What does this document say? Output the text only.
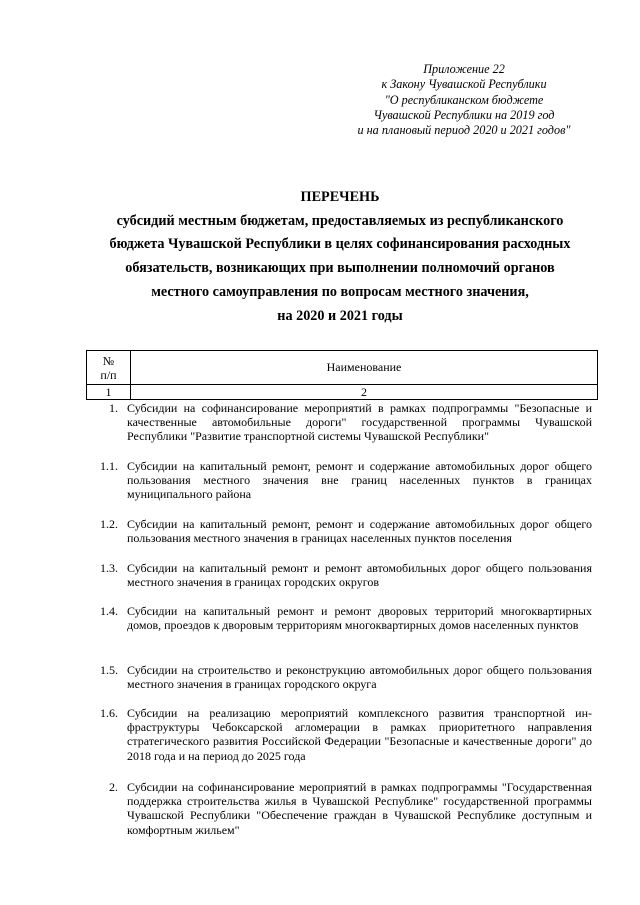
Приложение 22
к Закону Чувашской Республики
"О республиканском бюджете
Чувашской Республики на 2019 год
и на плановый период 2020 и 2021 годов"
ПЕРЕЧЕНЬ
субсидий местным бюджетам, предоставляемых из республиканского
бюджета Чувашской Республики в целях софинансирования расходных
обязательств, возникающих при выполнении полномочий органов
местного самоуправления по вопросам местного значения,
на 2020 и 2021 годы
№
п/п	Наименование
1	2
1. Субсидии на софинансирование мероприятий в рамках подпрограммы "Безопасные и качественные автомобильные дороги" государственной программы Чувашской Республики "Развитие транспортной системы Чувашской Республики"
1.1. Субсидии на капитальный ремонт, ремонт и содержание автомобильных дорог общего пользования местного значения вне границ населенных пунктов в границах муниципального района
1.2. Субсидии на капитальный ремонт, ремонт и содержание автомобильных дорог общего пользования местного значения в границах населенных пунктов поселения
1.3. Субсидии на капитальный ремонт и ремонт автомобильных дорог общего пользования местного значения в границах городских округов
1.4. Субсидии на капитальный ремонт и ремонт дворовых территорий многоквартирных домов, проездов к дворовым территориям многоквартирных домов населенных пунктов
1.5. Субсидии на строительство и реконструкцию автомобильных дорог общего пользования местного значения в границах городского округа
1.6. Субсидии на реализацию мероприятий комплексного развития транспортной инфраструктуры Чебоксарской агломерации в рамках приоритетного направления стратегического развития Российской Федерации "Безопасные и качественные дороги" до 2018 года и на период до 2025 года
2. Субсидии на софинансирование мероприятий в рамках подпрограммы "Государственная поддержка строительства жилья в Чувашской Республике" государственной программы Чувашской Республики "Обеспечение граждан в Чувашской Республике доступным и комфортным жильем"
